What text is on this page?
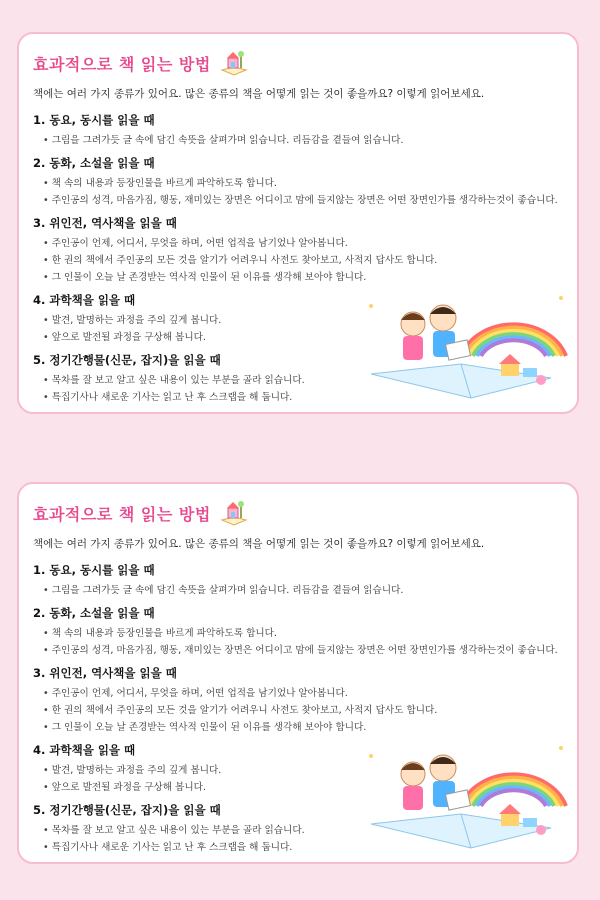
효과적으로 책 읽는 방법
책에는 여러 가지 종류가 있어요. 많은 종류의 책을 어떻게 읽는 것이 좋을까요? 이렇게 읽어보세요.
1. 동요, 동시를 읽을 때
• 그림을 그려가듯 글 속에 담긴 속뜻을 살펴가며 읽습니다. 리듬감을 곁들여 읽습니다.
2. 동화, 소설을 읽을 때
• 책 속의 내용과 등장인물을 바르게 파악하도록 합니다.
• 주인공의 성격, 마음가짐, 행동, 재미있는 장면은 어디이고 맘에 들지않는 장면은 어떤 장면인가를 생각하는것이 좋습니다.
3. 위인전, 역사책을 읽을 때
• 주인공이 언제, 어디서, 무엇을 하며, 어떤 업적을 남기었나 알아봅니다.
• 한 권의 책에서 주인공의 모든 것을 알기가 어려우니 사전도 찾아보고, 사적지 답사도 합니다.
• 그 인물이 오늘 날 존경받는 역사적 인물이 된 이유를 생각해 보아야 합니다.
4. 과학책을 읽을 때
• 발견, 발명하는 과정을 주의 깊게 봅니다.
• 앞으로 발전될 과정을 구상해 봅니다.
5. 정기간행물(신문, 잡지)을 읽을 때
• 목차를 잘 보고 알고 싶은 내용이 있는 부분을 골라 읽습니다.
• 특집기사나 새로운 기사는 읽고 난 후 스크랩을 해 둡니다.
효과적으로 책 읽는 방법
책에는 여러 가지 종류가 있어요. 많은 종류의 책을 어떻게 읽는 것이 좋을까요? 이렇게 읽어보세요.
1. 동요, 동시를 읽을 때
• 그림을 그려가듯 글 속에 담긴 속뜻을 살펴가며 읽습니다. 리듬감을 곁들여 읽습니다.
2. 동화, 소설을 읽을 때
• 책 속의 내용과 등장인물을 바르게 파악하도록 합니다.
• 주인공의 성격, 마음가짐, 행동, 재미있는 장면은 어디이고 맘에 들지않는 장면은 어떤 장면인가를 생각하는것이 좋습니다.
3. 위인전, 역사책을 읽을 때
• 주인공이 언제, 어디서, 무엇을 하며, 어떤 업적을 남기었나 알아봅니다.
• 한 권의 책에서 주인공의 모든 것을 알기가 어려우니 사전도 찾아보고, 사적지 답사도 합니다.
• 그 인물이 오늘 날 존경받는 역사적 인물이 된 이유를 생각해 보아야 합니다.
4. 과학책을 읽을 때
• 발견, 발명하는 과정을 주의 깊게 봅니다.
• 앞으로 발전될 과정을 구상해 봅니다.
5. 정기간행물(신문, 잡지)을 읽을 때
• 목차를 잘 보고 알고 싶은 내용이 있는 부분을 골라 읽습니다.
• 특집기사나 새로운 기사는 읽고 난 후 스크랩을 해 둡니다.
